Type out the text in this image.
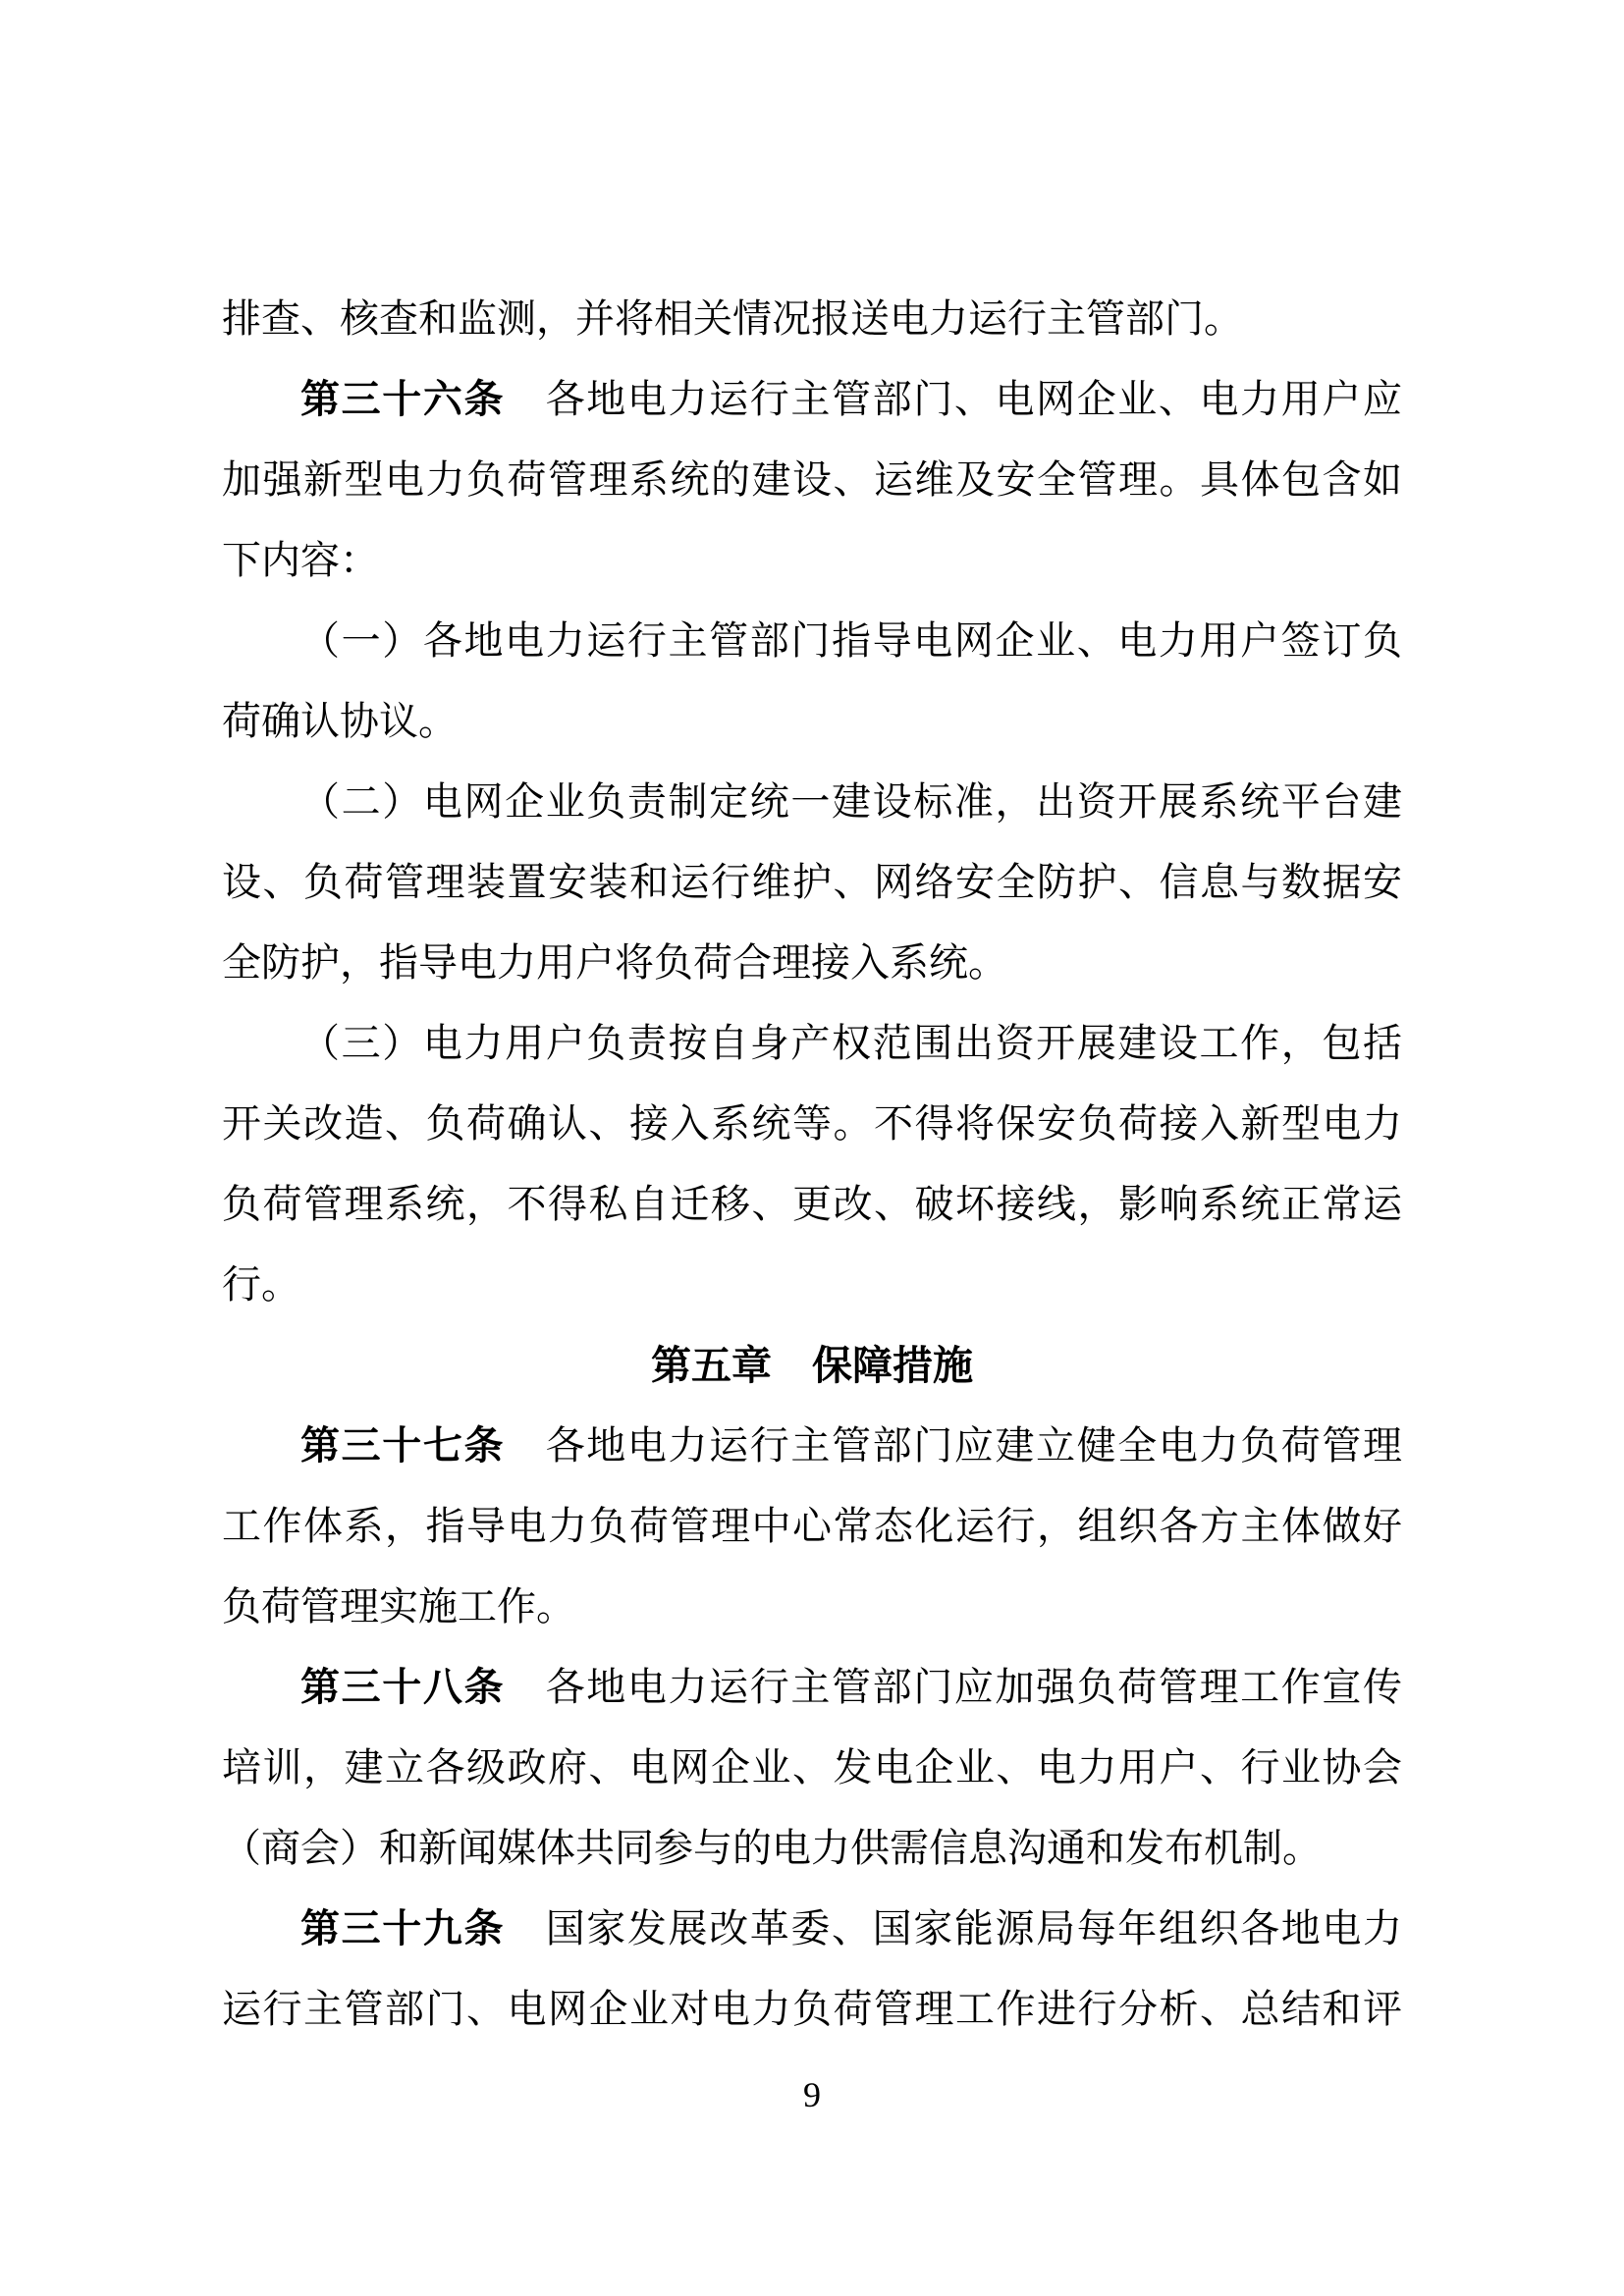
排查、核查和监测，并将相关情况报送电力运行主管部门。
第三十六条　各地电力运行主管部门、电网企业、电力用户应
加强新型电力负荷管理系统的建设、运维及安全管理。具体包含如
下内容：
（一）各地电力运行主管部门指导电网企业、电力用户签订负
荷确认协议。
（二）电网企业负责制定统一建设标准，出资开展系统平台建
设、负荷管理装置安装和运行维护、网络安全防护、信息与数据安
全防护，指导电力用户将负荷合理接入系统。
（三）电力用户负责按自身产权范围出资开展建设工作，包括
开关改造、负荷确认、接入系统等。不得将保安负荷接入新型电力
负荷管理系统，不得私自迁移、更改、破坏接线，影响系统正常运
行。
第五章　保障措施
第三十七条　各地电力运行主管部门应建立健全电力负荷管理
工作体系，指导电力负荷管理中心常态化运行，组织各方主体做好
负荷管理实施工作。
第三十八条　各地电力运行主管部门应加强负荷管理工作宣传
培训，建立各级政府、电网企业、发电企业、电力用户、行业协会
（商会）和新闻媒体共同参与的电力供需信息沟通和发布机制。
第三十九条　国家发展改革委、国家能源局每年组织各地电力
运行主管部门、电网企业对电力负荷管理工作进行分析、总结和评
9
